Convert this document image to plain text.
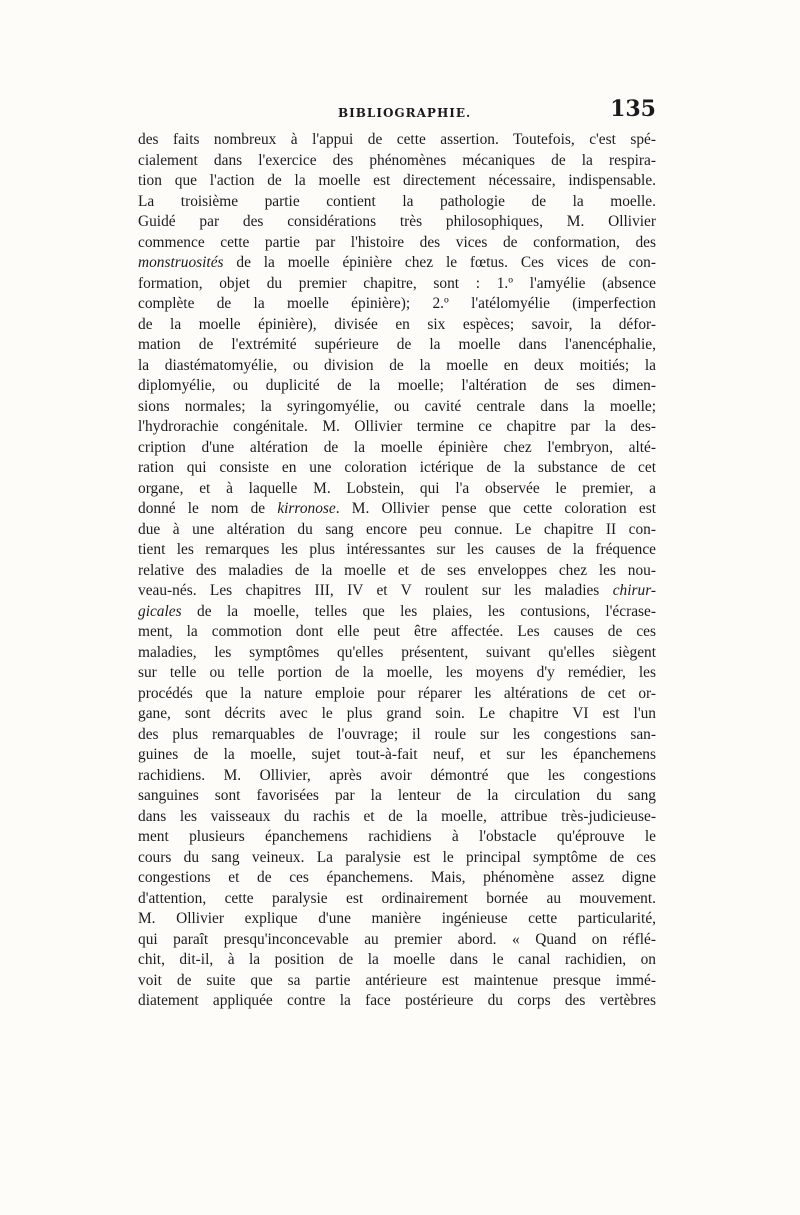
BIBLIOGRAPHIE.	135
des faits nombreux à l'appui de cette assertion. Toutefois, c'est spé-
cialement dans l'exercice des phénomènes mécaniques de la respira-
tion que l'action de la moelle est directement nécessaire, indispensable.
La troisième partie contient la pathologie de la moelle.
Guidé par des considérations très philosophiques, M. Ollivier
commence cette partie par l'histoire des vices de conformation, des
monstruosités de la moelle épinière chez le fœtus. Ces vices de con-
formation, objet du premier chapitre, sont : 1.º l'amyélie (absence
complète de la moelle épinière); 2.º l'atélomyélie (imperfection
de la moelle épinière), divisée en six espèces; savoir, la défor-
mation de l'extrémité supérieure de la moelle dans l'anencéphalie,
la diastématomyélie, ou division de la moelle en deux moitiés; la
diplomyélie, ou duplicité de la moelle; l'altération de ses dimen-
sions normales; la syringomyélie, ou cavité centrale dans la moelle;
l'hydrorachie congénitale. M. Ollivier termine ce chapitre par la des-
cription d'une altération de la moelle épinière chez l'embryon, alté-
ration qui consiste en une coloration ictérique de la substance de cet
organe, et à laquelle M. Lobstein, qui l'a observée le premier, a
donné le nom de kirronose. M. Ollivier pense que cette coloration est
due à une altération du sang encore peu connue. Le chapitre II con-
tient les remarques les plus intéressantes sur les causes de la fréquence
relative des maladies de la moelle et de ses enveloppes chez les nou-
veau-nés. Les chapitres III, IV et V roulent sur les maladies chirur-
gicales de la moelle, telles que les plaies, les contusions, l'écrase-
ment, la commotion dont elle peut être affectée. Les causes de ces
maladies, les symptômes qu'elles présentent, suivant qu'elles siègent
sur telle ou telle portion de la moelle, les moyens d'y remédier, les
procédés que la nature emploie pour réparer les altérations de cet or-
gane, sont décrits avec le plus grand soin. Le chapitre VI est l'un
des plus remarquables de l'ouvrage; il roule sur les congestions san-
guines de la moelle, sujet tout-à-fait neuf, et sur les épanchemens
rachidiens. M. Ollivier, après avoir démontré que les congestions
sanguines sont favorisées par la lenteur de la circulation du sang
dans les vaisseaux du rachis et de la moelle, attribue très-judicieuse-
ment plusieurs épanchemens rachidiens à l'obstacle qu'éprouve le
cours du sang veineux. La paralysie est le principal symptôme de ces
congestions et de ces épanchemens. Mais, phénomène assez digne
d'attention, cette paralysie est ordinairement bornée au mouvement.
M. Ollivier explique d'une manière ingénieuse cette particularité,
qui paraît presqu'inconcevable au premier abord. « Quand on réflé-
chit, dit-il, à la position de la moelle dans le canal rachidien, on
voit de suite que sa partie antérieure est maintenue presque immé-
diatement appliquée contre la face postérieure du corps des vertèbres
